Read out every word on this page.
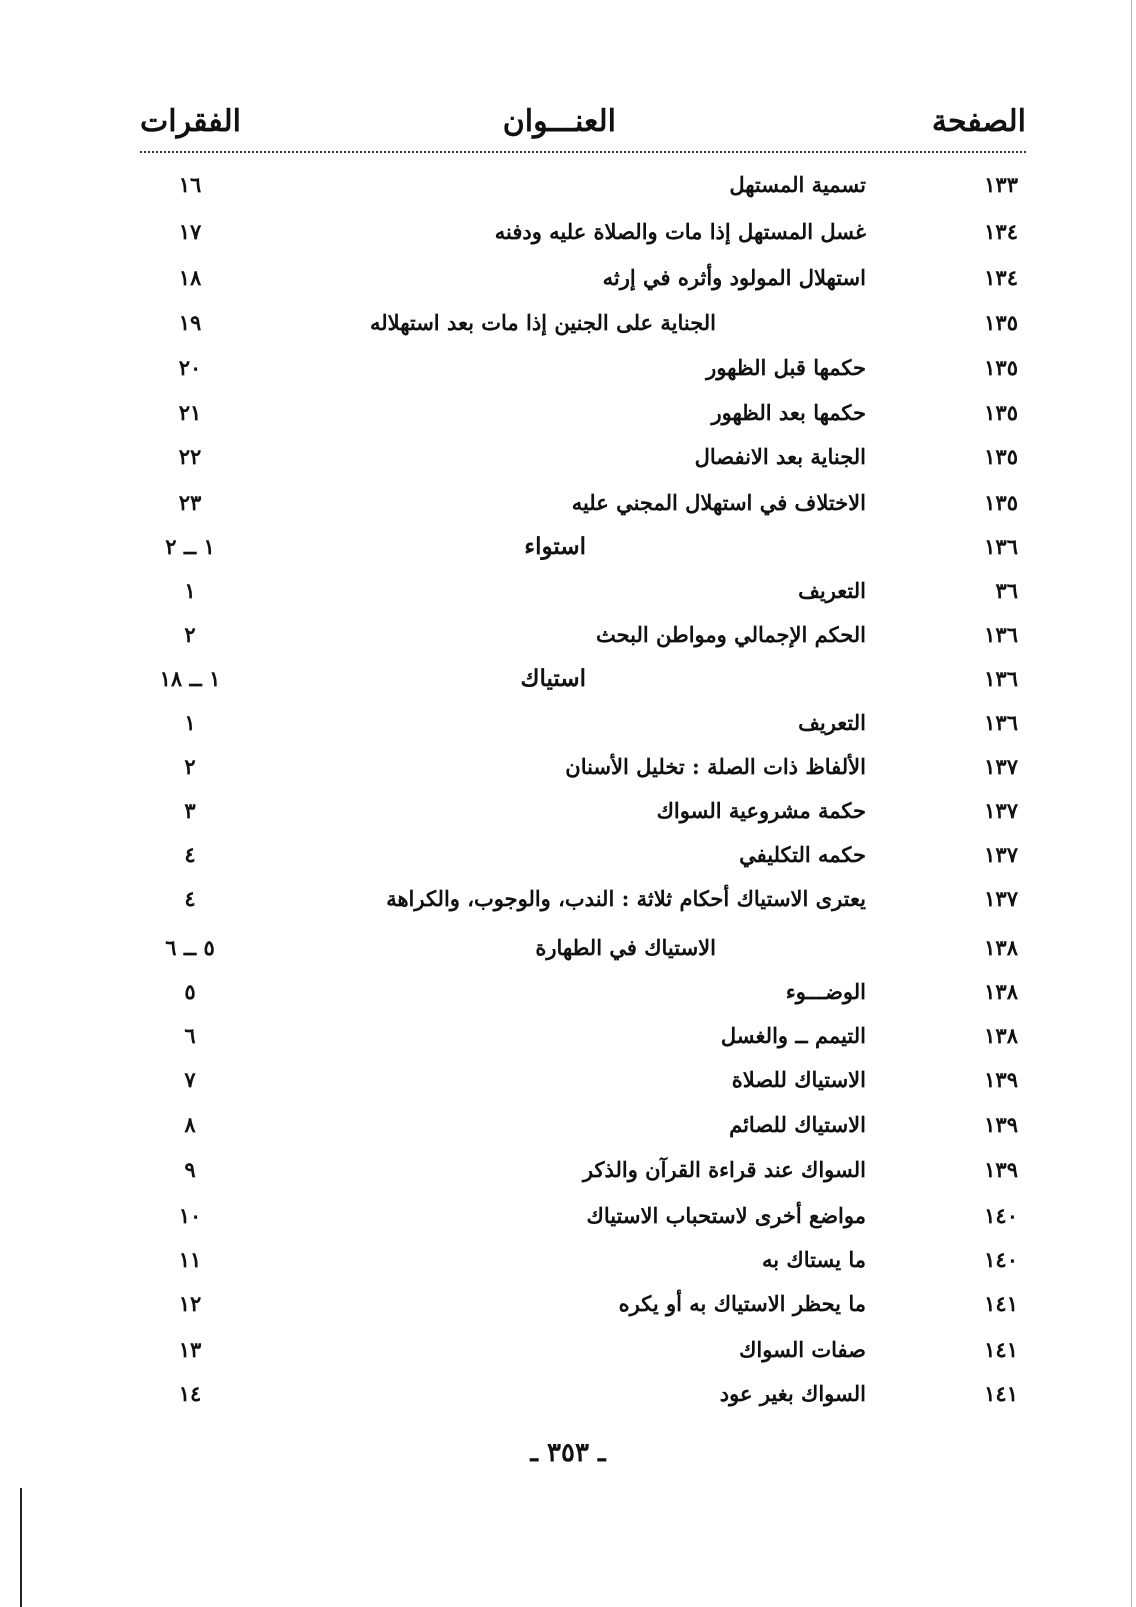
الصفحة
العنـــوان
الفقرات
١٣٣
تسمية المستهل
١٦
١٣٤
غسل المستهل إذا مات والصلاة عليه ودفنه
١٧
١٣٤
استهلال المولود وأثره في إرثه
١٨
١٣٥
الجناية على الجنين إذا مات بعد استهلاله
١٩
١٣٥
حكمها قبل الظهور
٢٠
١٣٥
حكمها بعد الظهور
٢١
١٣٥
الجناية بعد الانفصال
٢٢
١٣٥
الاختلاف في استهلال المجني عليه
٢٣
١٣٦
استواء
١ ــ ٢
٣٦
التعريف
١
١٣٦
الحكم الإجمالي ومواطن البحث
٢
١٣٦
استياك
١ ــ ١٨
١٣٦
التعريف
١
١٣٧
الألفاظ ذات الصلة : تخليل الأسنان
٢
١٣٧
حكمة مشروعية السواك
٣
١٣٧
حكمه التكليفي
٤
١٣٧
يعترى الاستياك أحكام ثلاثة : الندب، والوجوب، والكراهة
٤
١٣٨
الاستياك في الطهارة
٥ ــ ٦
١٣٨
الوضـــوء
٥
١٣٨
التيمم ــ والغسل
٦
١٣٩
الاستياك للصلاة
٧
١٣٩
الاستياك للصائم
٨
١٣٩
السواك عند قراءة القرآن والذكر
٩
١٤٠
مواضع أخرى لاستحباب الاستياك
١٠
١٤٠
ما يستاك به
١١
١٤١
ما يحظر الاستياك به أو يكره
١٢
١٤١
صفات السواك
١٣
١٤١
السواك بغير عود
١٤
ـ ٣٥٣ ـ
